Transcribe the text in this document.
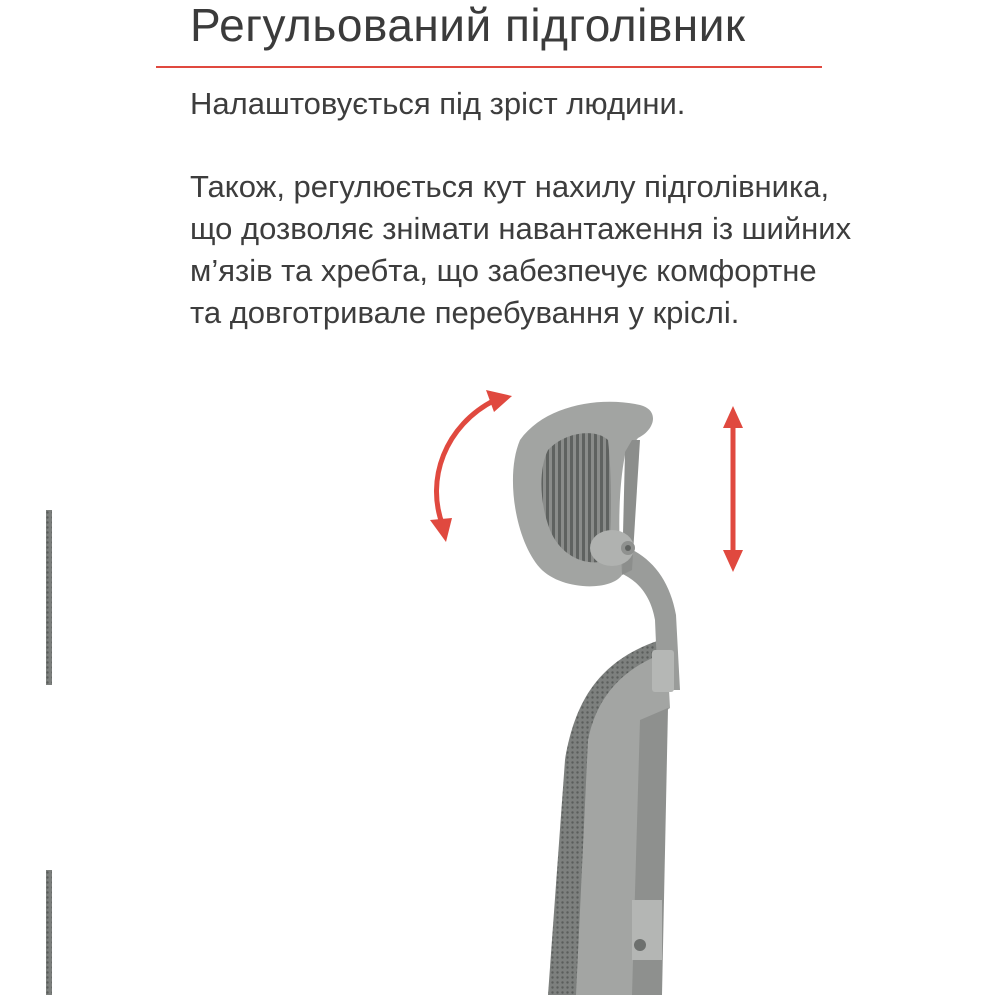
Регульований підголівник

Налаштовується під зріст людини.

Також, регулюється кут нахилу підголівника,
що дозволяє знімати навантаження із шийних
м’язів та хребта, що забезпечує комфортне
та довготривале перебування у кріслі.
